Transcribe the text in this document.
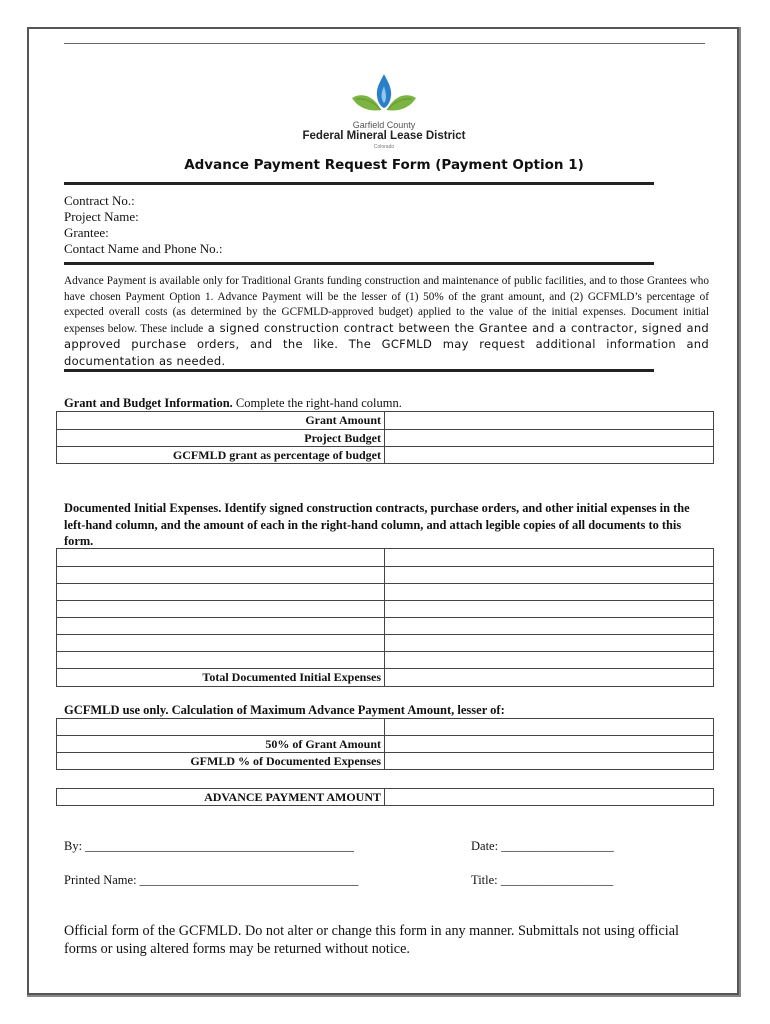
Garfield County
Federal Mineral Lease District
Colorado
Advance Payment Request Form (Payment Option 1)
Contract No.:
Project Name:
Grantee:
Contact Name and Phone No.:
Advance Payment is available only for Traditional Grants funding construction and maintenance of public facilities, and to those Grantees who have chosen Payment Option 1. Advance Payment will be the lesser of (1) 50% of the grant amount, and (2) GCFMLD’s percentage of expected overall costs (as determined by the GCFMLD-approved budget) applied to the value of the initial expenses. Document initial expenses below. These include a signed construction contract between the Grantee and a contractor, signed and approved purchase orders, and the like. The GCFMLD may request additional information and documentation as needed.
Grant and Budget Information. Complete the right-hand column.
Grant Amount	
Project Budget	
GCFMLD grant as percentage of budget	
Documented Initial Expenses. Identify signed construction contracts, purchase orders, and other initial expenses in the left-hand column, and the amount of each in the right-hand column, and attach legible copies of all documents to this form.

Total Documented Initial Expenses	
GCFMLD use only. Calculation of Maximum Advance Payment Amount, lesser of:

50% of Grant Amount	
GFMLD % of Documented Expenses	
ADVANCE PAYMENT AMOUNT	
By: ___________________________________________	Date: __________________
Printed Name: ___________________________________	Title: __________________
Official form of the GCFMLD. Do not alter or change this form in any manner. Submittals not using official forms or using altered forms may be returned without notice.
